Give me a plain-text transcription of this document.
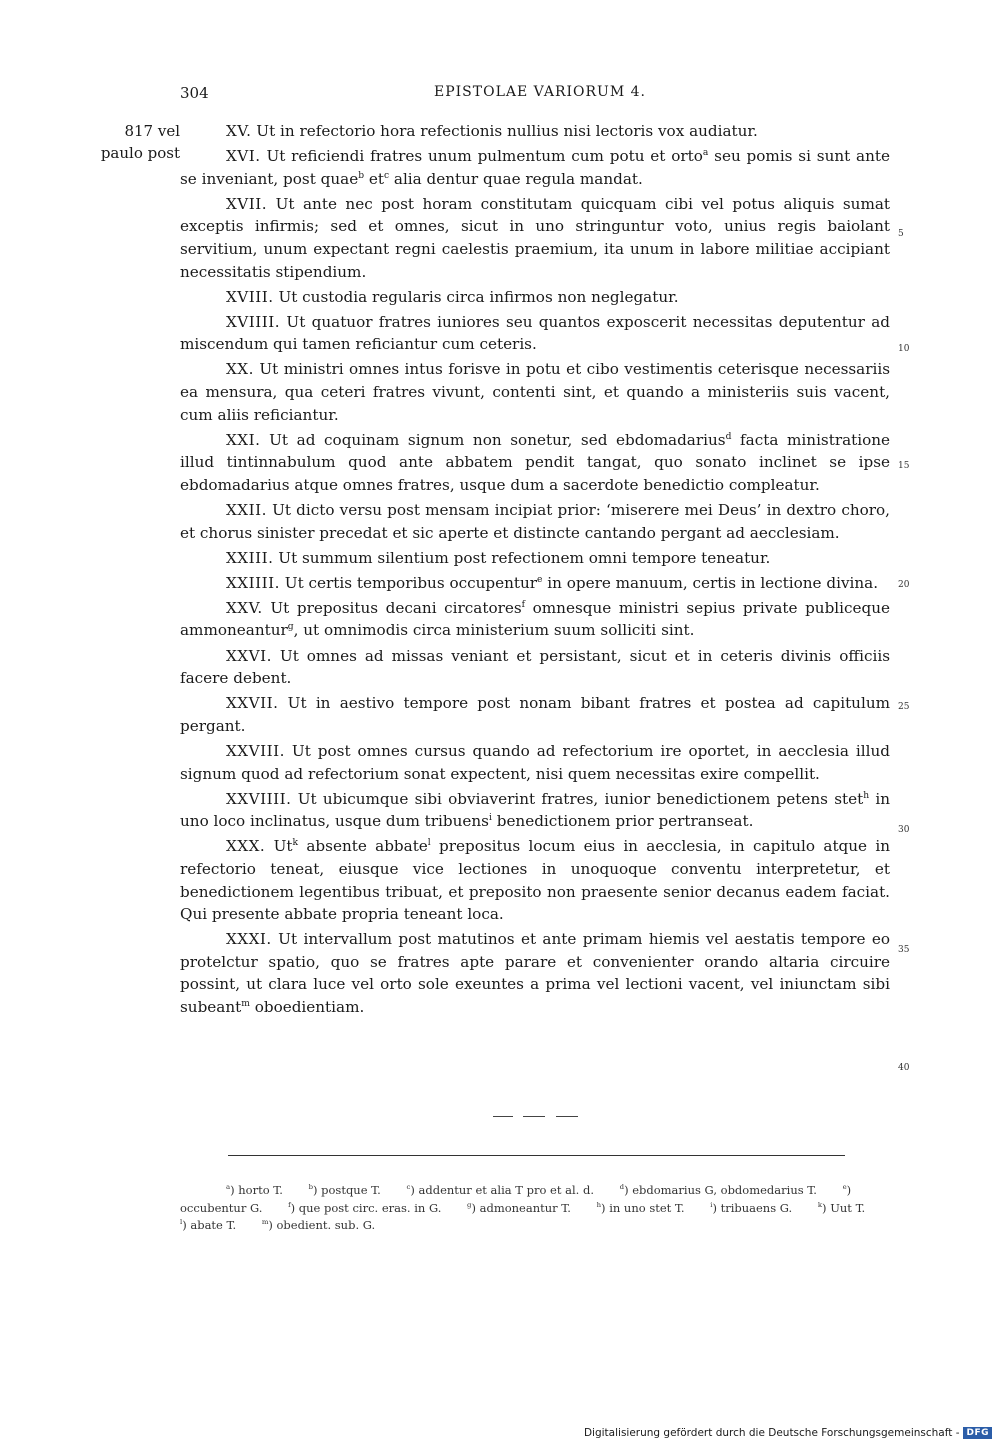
304	EPISTOLAE VARIORUM 4.
817 vel
paulo post

XV. Ut in refectorio hora refectionis nullius nisi lectoris vox audiatur.

XVI. Ut reficiendi fratres unum pulmentum cum potu et orto$^a$ seu pomis si sunt ante se inveniant, post quae$^b$ $et^c$ alia dentur quae regula mandat.

XVII. Ut ante nec post horam constitutam quicquam cibi vel potus aliquis sumat exceptis infirmis; sed et omnes, sicut in uno stringuntur voto, unius regis baiolant servitium, unum expectant regni caelestis praemium, ita unum in labore militiae accipiant necessitatis stipendium.

XVIII. Ut custodia regularis circa infirmos non neglegatur.

XVIIII. Ut quatuor fratres iuniores seu quantos exposcerit necessitas deputentur ad miscendum qui tamen reficiantur cum ceteris.

XX. Ut ministri omnes intus forisve in potu et cibo vestimentis ceterisque necessariis ea mensura, qua ceteri fratres vivunt, contenti sint, et quando a ministeriis suis vacent, cum aliis reficiantur.

XXI. Ut ad coquinam signum non sonetur, sed ebdomadarius$^d$ facta ministratione illud tintinnabulum quod ante abbatem pendit tangat, quo sonato inclinet se ipse ebdomadarius atque omnes fratres, usque dum a sacerdote benedictio compleatur.

XXII. Ut dicto versu post mensam incipiat prior: ‘miserere mei Deus’ in dextro choro, et chorus sinister precedat et sic aperte et distincte cantando pergant ad aecclesiam.

XXIII. Ut summum silentium post refectionem omni tempore teneatur.

XXIIII. Ut certis temporibus occupentur$^e$ in opere manuum, certis in lectione divina.

XXV. Ut prepositus decani circatores$^f$ omnesque ministri sepius private publiceque ammoneantur$^g$, ut omnimodis circa ministerium suum solliciti sint.

XXVI. Ut omnes ad missas veniant et persistant, sicut et in ceteris divinis officiis facere debent.

XXVII. Ut in aestivo tempore post nonam bibant fratres et postea ad capitulum pergant.

XXVIII. Ut post omnes cursus quando ad refectorium ire oportet, in aecclesia illud signum quod ad refectorium sonat expectent, nisi quem necessitas exire compellit.

XXVIIII. Ut ubicumque sibi obviaverint fratres, iunior benedictionem petens stet$^h$ in uno loco inclinatus, usque dum tribuens$^i$ benedictionem prior pertranseat.

XXX. Ut$^k$ absente abbate$^l$ prepositus locum eius in aecclesia, in capitulo atque in refectorio teneat, eiusque vice lectiones in unoquoque conventu interpretetur, et benedictionem legentibus tribuat, et preposito non praesente senior decanus eadem faciat. Qui presente abbate propria teneant loca.

XXXI. Ut intervallum post matutinos et ante primam hiemis vel aestatis tempore eo protelctur spatio, quo se fratres apte parare et convenienter orando altaria circuire possint, ut clara luce vel orto sole exeuntes a prima vel lectioni vacent, vel iniunctam sibi subeant$^m$ oboedientiam.

5
10
15
20
25
30
35
40
$^a$) horto T.	$^b$) postque T.	$^c$) addentur et alia T pro et al. d.	$^d$) ebdomarius G, obdomedarius T.	$^e$) occubentur G.	$^f$) que post circ. eras. in G.	$^g$) admoneantur T.	$^h$) in uno stet T.	$^i$) tribuaens G.	$^k$) Uut T. $^l$) abate T.	$^m$) obedient. sub. G.
Digitalisierung gefördert durch die Deutsche Forschungsgemeinschaft - DFG
